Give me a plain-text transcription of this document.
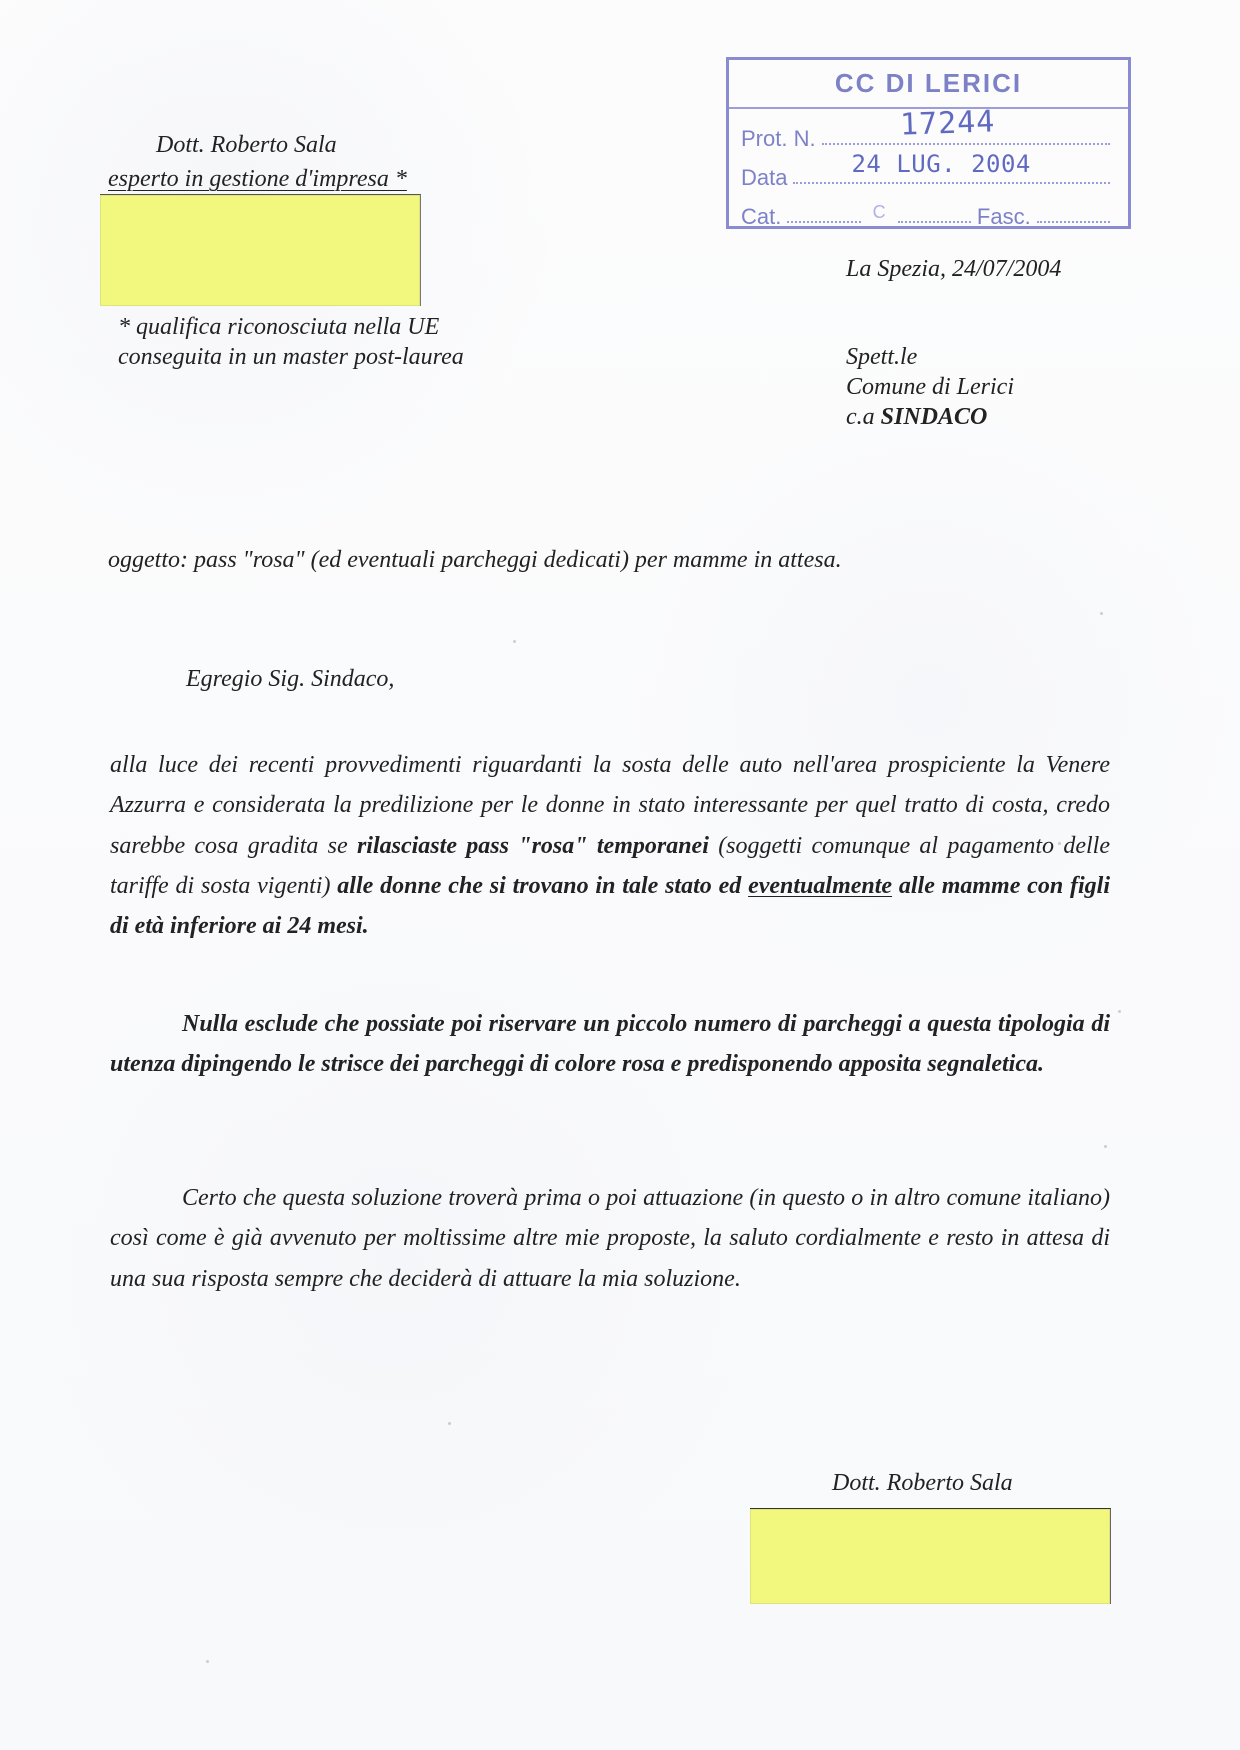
Dott. Roberto Sala

esperto in gestione d'impresa *

* qualifica riconosciuta nella UE
conseguita in un master post-laurea

CC DI LERICI
Prot. N.	17244
Data	24 LUG. 2004
Cat.	C	Fasc.

La Spezia, 24/07/2004

Spett.le
Comune di Lerici
c.a SINDACO

oggetto: pass "rosa" (ed eventuali parcheggi dedicati) per mamme in attesa.

Egregio Sig. Sindaco,

alla luce dei recenti provvedimenti riguardanti la sosta delle auto nell'area prospiciente la Venere Azzurra e considerata la predilizione per le donne in stato interessante per quel tratto di costa, credo sarebbe cosa gradita se rilasciaste pass "rosa" temporanei (soggetti comunque al pagamento delle tariffe di sosta vigenti) alle donne che si trovano in tale stato ed eventualmente alle mamme con figli di età inferiore ai 24 mesi.

Nulla esclude che possiate poi riservare un piccolo numero di parcheggi a questa tipologia di utenza dipingendo le strisce dei parcheggi di colore rosa e predisponendo apposita segnaletica.

Certo che questa soluzione troverà prima o poi attuazione (in questo o in altro comune italiano) così come è già avvenuto per moltissime altre mie proposte, la saluto cordialmente e resto in attesa di una sua risposta sempre che deciderà di attuare la mia soluzione.

Dott. Roberto Sala
